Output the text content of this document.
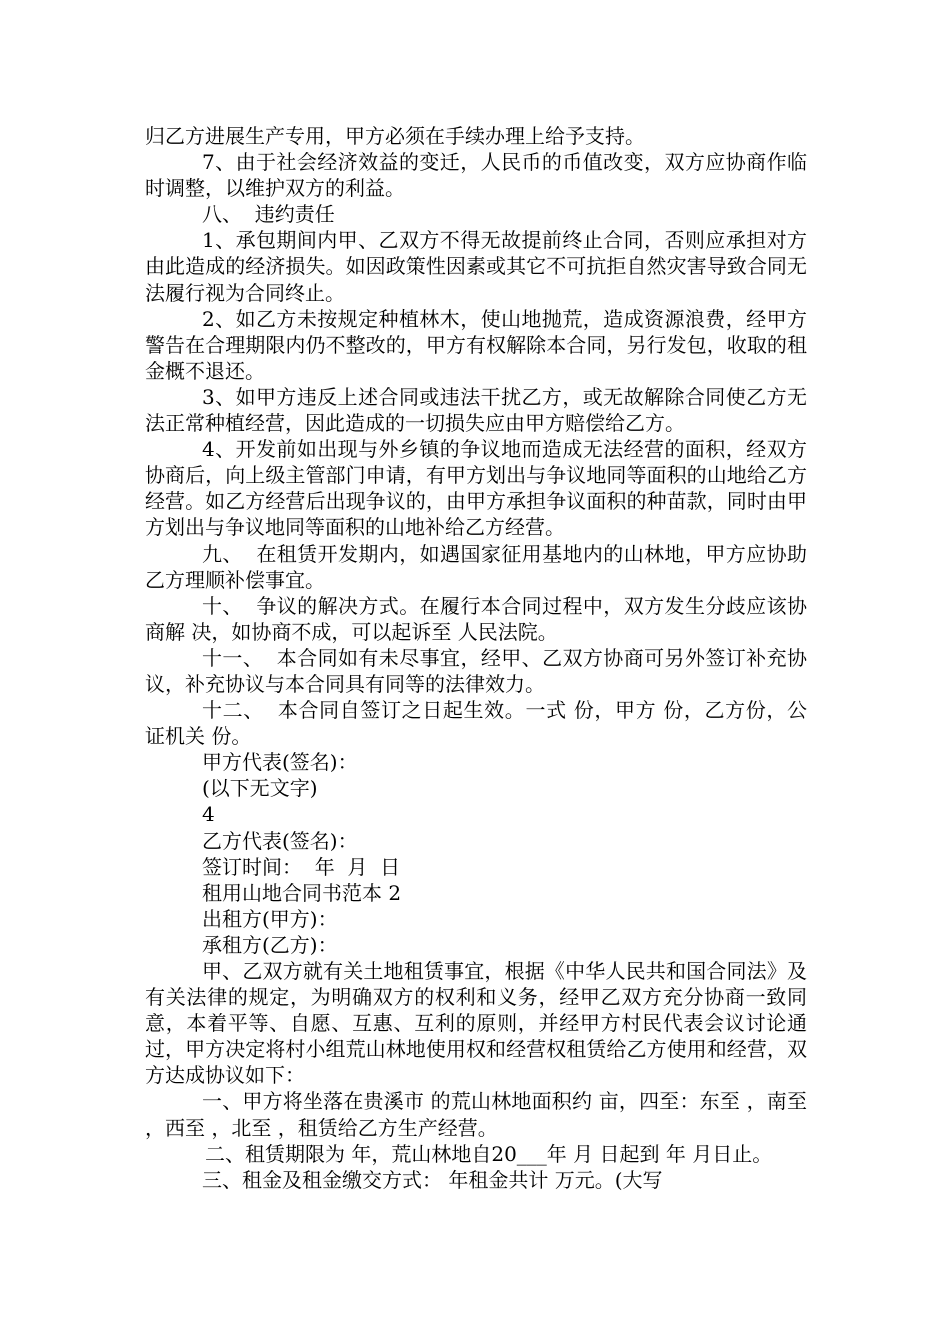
归乙方进展生产专用，甲方必须在手续办理上给予支持。

7、由于社会经济效益的变迁，人民币的币值改变，双方应协商作临时调整，以维护双方的利益。

八、  违约责任

1、承包期间内甲、乙双方不得无故提前终止合同，否则应承担对方由此造成的经济损失。如因政策性因素或其它不可抗拒自然灾害导致合同无法履行视为合同终止。

2、如乙方未按规定种植林木，使山地抛荒，造成资源浪费，经甲方警告在合理期限内仍不整改的，甲方有权解除本合同，另行发包，收取的租金概不退还。

3、如甲方违反上述合同或违法干扰乙方，或无故解除合同使乙方无法正常种植经营，因此造成的一切损失应由甲方赔偿给乙方。

4、开发前如出现与外乡镇的争议地而造成无法经营的面积，经双方协商后，向上级主管部门申请，有甲方划出与争议地同等面积的山地给乙方经营。如乙方经营后出现争议的，由甲方承担争议面积的种苗款，同时由甲方划出与争议地同等面积的山地补给乙方经营。

九、  在租赁开发期内，如遇国家征用基地内的山林地，甲方应协助乙方理顺补偿事宜。

十、  争议的解决方式。在履行本合同过程中，双方发生分歧应该协商解 决，如协商不成，可以起诉至 人民法院。

十一、  本合同如有未尽事宜，经甲、乙双方协商可另外签订补充协议，补充协议与本合同具有同等的法律效力。

十二、  本合同自签订之日起生效。一式 份，甲方 份，乙方份，公证机关 份。

甲方代表(签名)：

(以下无文字)

4

乙方代表(签名)：

签订时间：  年  月  日

租用山地合同书范本 2

出租方(甲方)：

承租方(乙方)：

甲、乙双方就有关土地租赁事宜，根据《中华人民共和国合同法》及有关法律的规定，为明确双方的权利和义务，经甲乙双方充分协商一致同意，本着平等、自愿、互惠、互利的原则，并经甲方村民代表会议讨论通过，甲方决定将村小组荒山林地使用权和经营权租赁给乙方使用和经营，双方达成协议如下：

一、甲方将坐落在贵溪市 的荒山林地面积约 亩，四至：东至 ，南至 ，西至 ，北至 ，租赁给乙方生产经营。

二、租赁期限为 年，荒山林地自20___年 月 日起到 年 月日止。

三、租金及租金缴交方式： 年租金共计 万元。(大写
